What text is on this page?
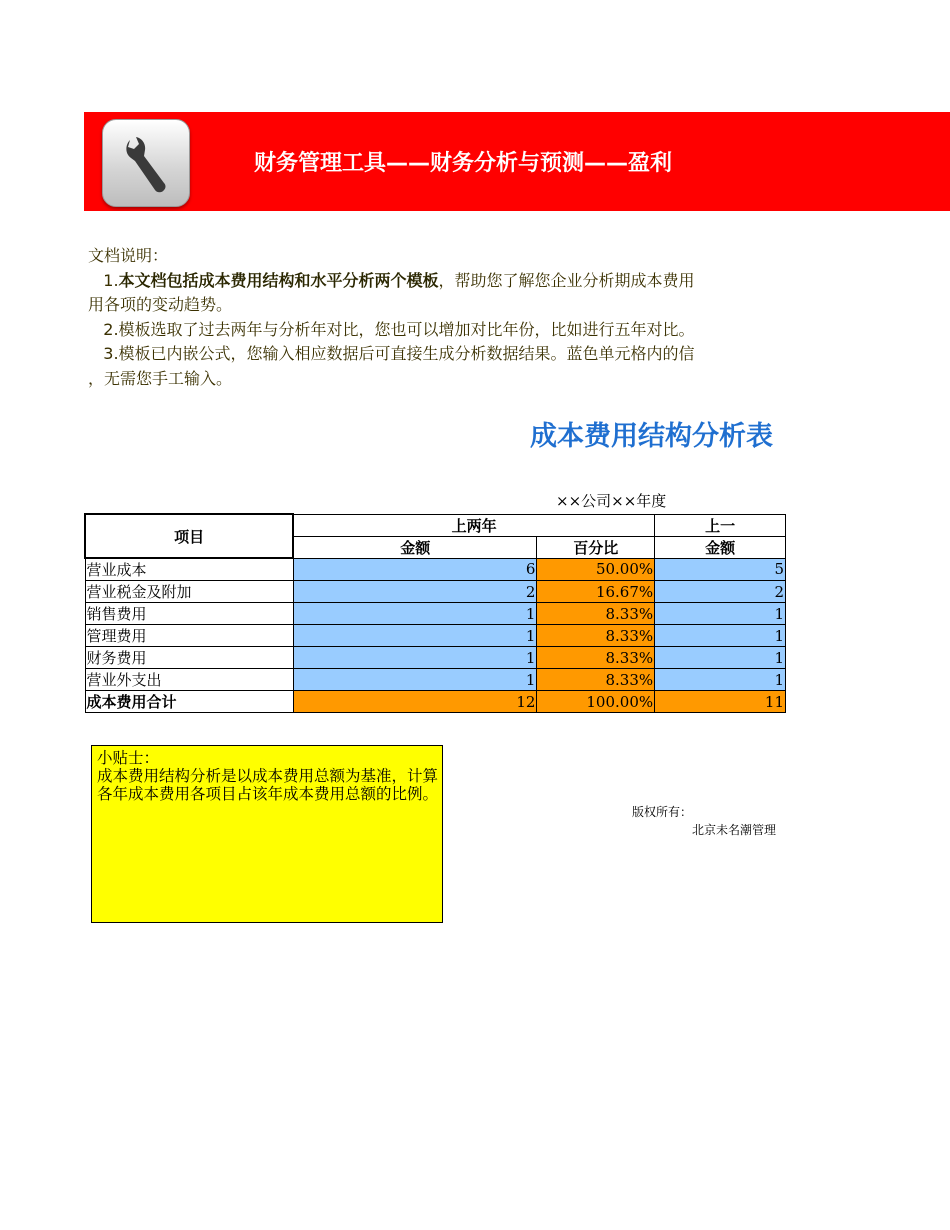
财务管理工具——财务分析与预测——盈利

文档说明：

1.本文档包括成本费用结构和水平分析两个模板，帮助您了解您企业分析期成本费用

用各项的变动趋势。

2.模板选取了过去两年与分析年对比，您也可以增加对比年份，比如进行五年对比。

3.模板已内嵌公式，您输入相应数据后可直接生成分析数据结果。蓝色单元格内的信

，无需您手工输入。

成本费用结构分析表
××公司××年度
项目	上两年		上一
	金额	百分比	金额
营业成本	6	50.00%	5
营业税金及附加	2	16.67%	2
销售费用	1	8.33%	1
管理费用	1	8.33%	1
财务费用	1	8.33%	1
营业外支出	1	8.33%	1
成本费用合计	12	100.00%	11

小贴士：

成本费用结构分析是以成本费用总额为基准，计算各年成本费用各项目占该年成本费用总额的比例。

版权所有：

北京未名潮管理
